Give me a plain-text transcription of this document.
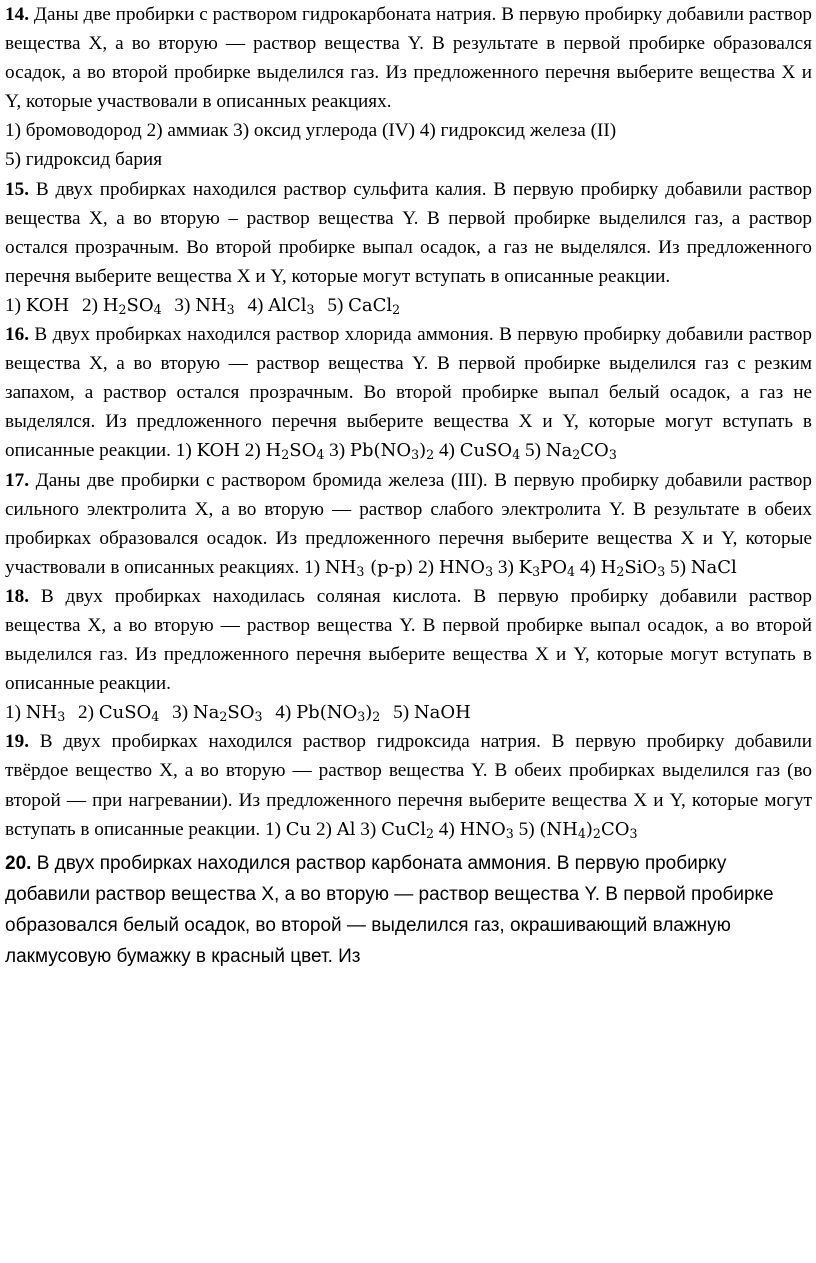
14. Даны две пробирки с раствором гидрокарбоната натрия. В первую пробирку добавили раствор вещества X, а во вторую — раствор вещества Y. В результате в первой пробирке образовался осадок, а во второй пробирке выделился газ. Из предложенного перечня выберите вещества X и Y, которые участвовали в описанных реакциях.

1) бромоводород 2) аммиак 3) оксид углерода (IV) 4) гидроксид железа (II)

5) гидроксид бария

15. В двух пробирках находился раствор сульфита калия. В первую пробирку добавили раствор вещества X, а во вторую – раствор вещества Y. В первой пробирке выделился газ, а раствор остался прозрачным. Во второй пробирке выпал осадок, а газ не выделялся. Из предложенного перечня выберите вещества X и Y, которые могут вступать в описанные реакции.

1) KOH 2) $H_2SO_4$ 3) $NH_3$ 4) AlCl$_3$ 5) CaCl$_2$

16. В двух пробирках находился раствор хлорида аммония. В первую пробирку добавили раствор вещества X, а во вторую — раствор вещества Y. В первой пробирке выделился газ с резким запахом, а раствор остался прозрачным. Во второй пробирке выпал белый осадок, а газ не выделялся. Из предложенного перечня выберите вещества X и Y, которые могут вступать в описанные реакции. 1) KOH 2) $H_2SO_4$ 3) $Pb(NO_3)_2$ 4) CuSO$_4$ 5) $Na_2CO_3$

17. Даны две пробирки с раствором бромида железа (III). В первую пробирку добавили раствор сильного электролита X, а во вторую — раствор слабого электролита Y. В результате в обеих пробирках образовался осадок. Из предложенного перечня выберите вещества X и Y, которые участвовали в описанных реакциях. 1) $NH_3$ (р-р) 2) $HNO_3$ 3) $K_3PO_4$ 4) $H_2SiO_3$ 5) NaCl

18. В двух пробирках находилась соляная кислота. В первую пробирку добавили раствор вещества X, а во вторую — раствор вещества Y. В первой пробирке выпал осадок, а во второй выделился газ. Из предложенного перечня выберите вещества X и Y, которые могут вступать в описанные реакции.

1) $NH_3$ 2) CuSO$_4$ 3) $Na_2SO_3$ 4) $Pb(NO_3)_2$ 5) NaOH

19. В двух пробирках находился раствор гидроксида натрия. В первую пробирку добавили твёрдое вещество X, а во вторую — раствор вещества Y. В обеих пробирках выделился газ (во второй — при нагревании). Из предложенного перечня выберите вещества X и Y, которые могут вступать в описанные реакции. 1) Cu 2) Al 3) CuCl$_2$ 4) $HNO_3$ 5) $(NH_4)_2CO_3$

20. В двух пробирках находился раствор карбоната аммония. В первую пробирку добавили раствор вещества X, а во вторую — раствор вещества Y. В первой пробирке образовался белый осадок, во второй — выделился газ, окрашивающий влажную лакмусовую бумажку в красный цвет. Из
